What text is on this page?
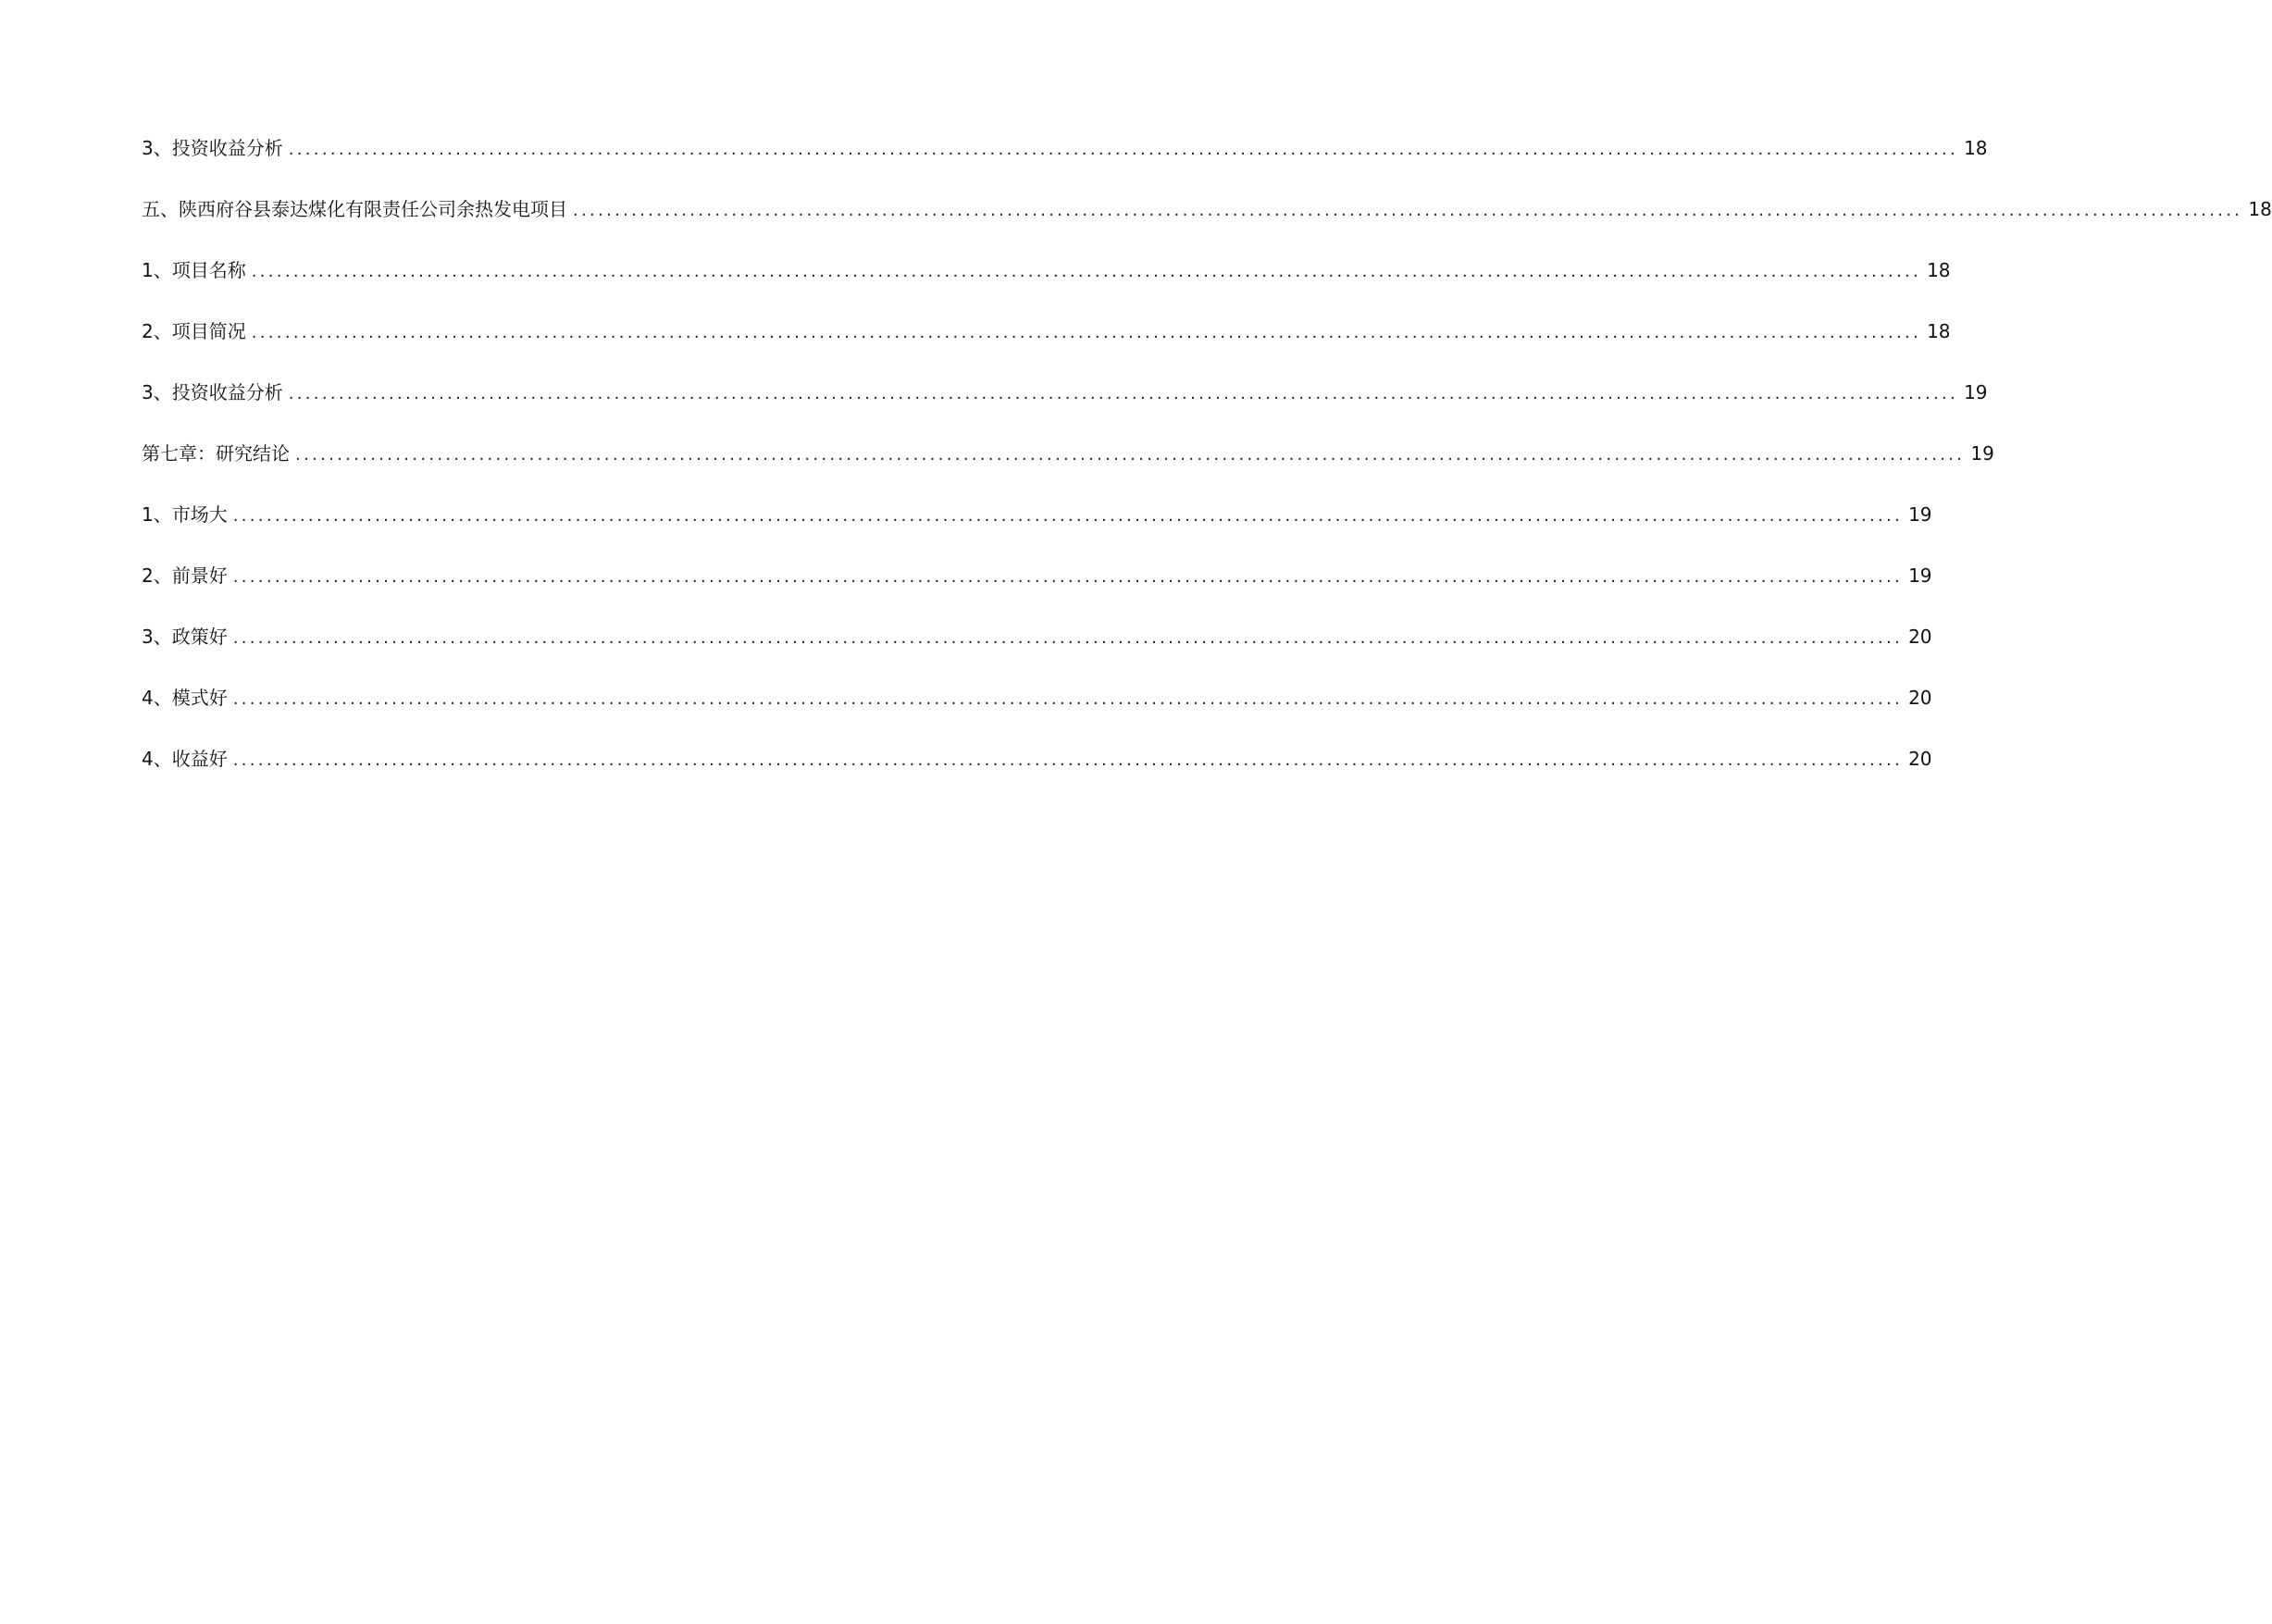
3、投资收益分析 ........................................................................................................................................................................................................ 18
五、陕西府谷县泰达煤化有限责任公司余热发电项目 ........................................................................................................................................................................................................ 18
1、项目名称 ........................................................................................................................................................................................................ 18
2、项目简况 ........................................................................................................................................................................................................ 18
3、投资收益分析 ........................................................................................................................................................................................................ 19
第七章：研究结论 ........................................................................................................................................................................................................ 19
1、市场大 ........................................................................................................................................................................................................ 19
2、前景好 ........................................................................................................................................................................................................ 19
3、政策好 ........................................................................................................................................................................................................ 20
4、模式好 ........................................................................................................................................................................................................ 20
4、收益好 ........................................................................................................................................................................................................ 20
